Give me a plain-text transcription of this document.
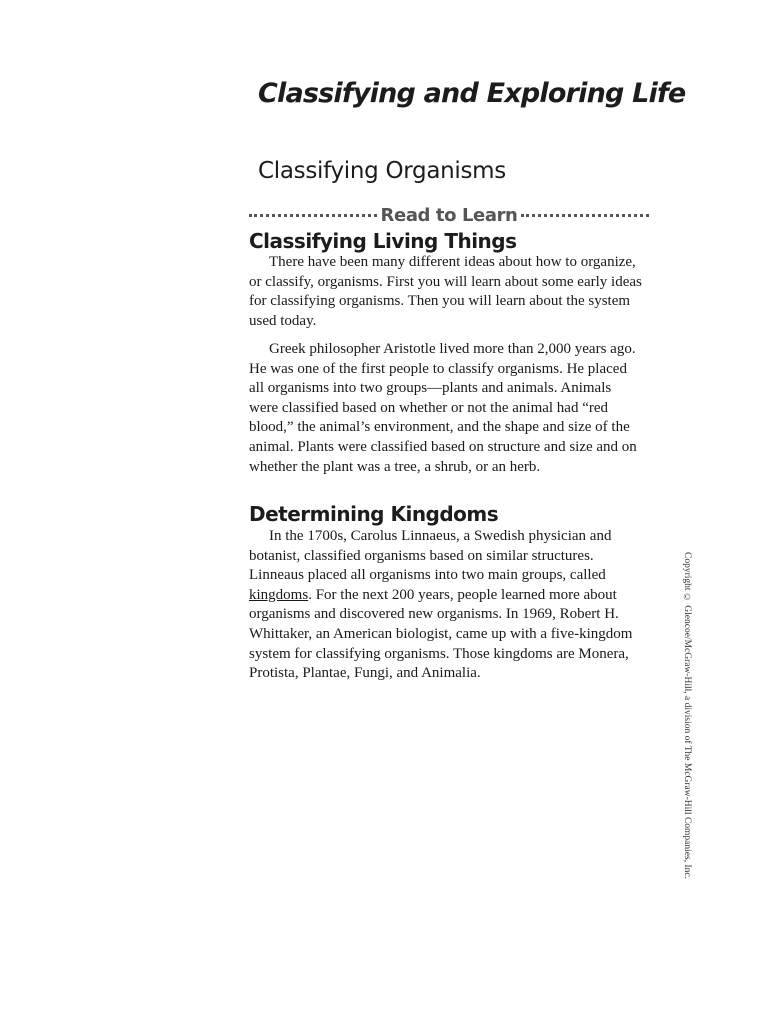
Classifying and Exploring Life
Classifying Organisms
Read to Learn
Classifying Living Things

There have been many different ideas about how to organize, or classify, organisms. First you will learn about some early ideas for classifying organisms. Then you will learn about the system used today.

Greek philosopher Aristotle lived more than 2,000 years ago. He was one of the first people to classify organisms. He placed all organisms into two groups—plants and animals. Animals were classified based on whether or not the animal had “red blood,” the animal’s environment, and the shape and size of the animal. Plants were classified based on structure and size and on whether the plant was a tree, a shrub, or an herb.

Determining Kingdoms

In the 1700s, Carolus Linnaeus, a Swedish physician and botanist, classified organisms based on similar structures. Linneaus placed all organisms into two main groups, called kingdoms. For the next 200 years, people learned more about organisms and discovered new organisms. In 1969, Robert H. Whittaker, an American biologist, came up with a five-kingdom system for classifying organisms. Those kingdoms are Monera, Protista, Plantae, Fungi, and Animalia.	Copyright © Glencoe/McGraw-Hill, a division of The McGraw-Hill Companies, Inc.
